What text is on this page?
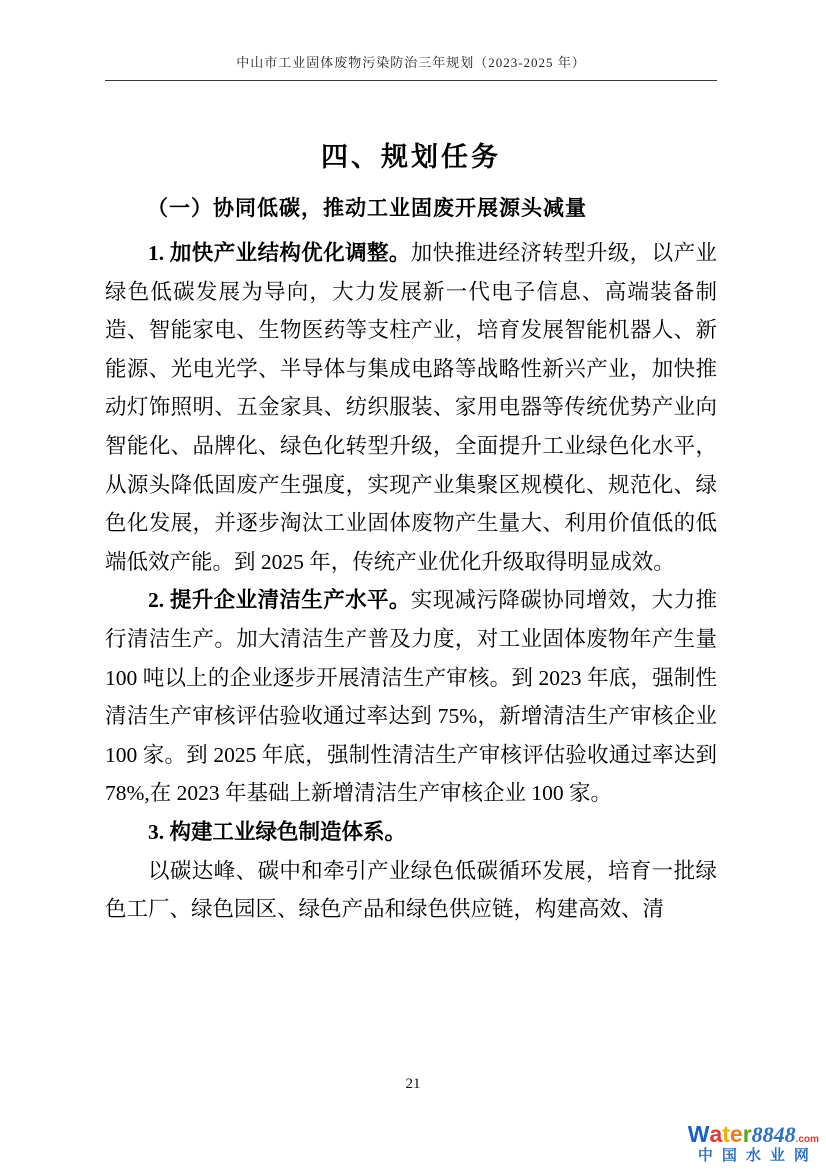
中山市工业固体废物污染防治三年规划（2023-2025 年）
四、规划任务
（一）协同低碳，推动工业固废开展源头减量

1. 加快产业结构优化调整。加快推进经济转型升级，以产业绿色低碳发展为导向，大力发展新一代电子信息、高端装备制造、智能家电、生物医药等支柱产业，培育发展智能机器人、新能源、光电光学、半导体与集成电路等战略性新兴产业，加快推动灯饰照明、五金家具、纺织服装、家用电器等传统优势产业向智能化、品牌化、绿色化转型升级，全面提升工业绿色化水平，从源头降低固废产生强度，实现产业集聚区规模化、规范化、绿色化发展，并逐步淘汰工业固体废物产生量大、利用价值低的低端低效产能。到 2025 年，传统产业优化升级取得明显成效。

2. 提升企业清洁生产水平。实现减污降碳协同增效，大力推行清洁生产。加大清洁生产普及力度，对工业固体废物年产生量 100 吨以上的企业逐步开展清洁生产审核。到 2023 年底，强制性清洁生产审核评估验收通过率达到 75%，新增清洁生产审核企业 100 家。到 2025 年底，强制性清洁生产审核评估验收通过率达到 78%,在 2023 年基础上新增清洁生产审核企业 100 家。

3. 构建工业绿色制造体系。

以碳达峰、碳中和牵引产业绿色低碳循环发展，培育一批绿色工厂、绿色园区、绿色产品和绿色供应链，构建高效、清

21
Water8848.com
中国水业网
